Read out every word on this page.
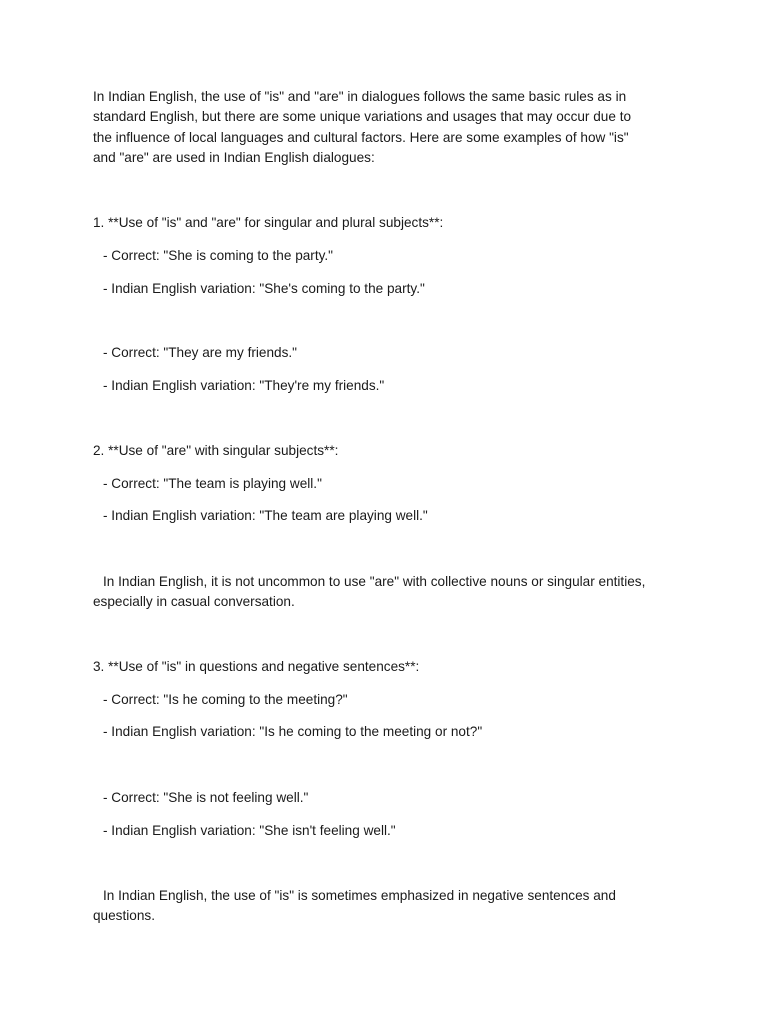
In Indian English, the use of "is" and "are" in dialogues follows the same basic rules as in
standard English, but there are some unique variations and usages that may occur due to
the influence of local languages and cultural factors. Here are some examples of how "is"
and "are" are used in Indian English dialogues:
1. **Use of "is" and "are" for singular and plural subjects**:
- Correct: "She is coming to the party."
- Indian English variation: "She's coming to the party."
- Correct: "They are my friends."
- Indian English variation: "They're my friends."
2. **Use of "are" with singular subjects**:
- Correct: "The team is playing well."
- Indian English variation: "The team are playing well."
In Indian English, it is not uncommon to use "are" with collective nouns or singular entities,
especially in casual conversation.
3. **Use of "is" in questions and negative sentences**:
- Correct: "Is he coming to the meeting?"
- Indian English variation: "Is he coming to the meeting or not?"
- Correct: "She is not feeling well."
- Indian English variation: "She isn't feeling well."
In Indian English, the use of "is" is sometimes emphasized in negative sentences and
questions.
